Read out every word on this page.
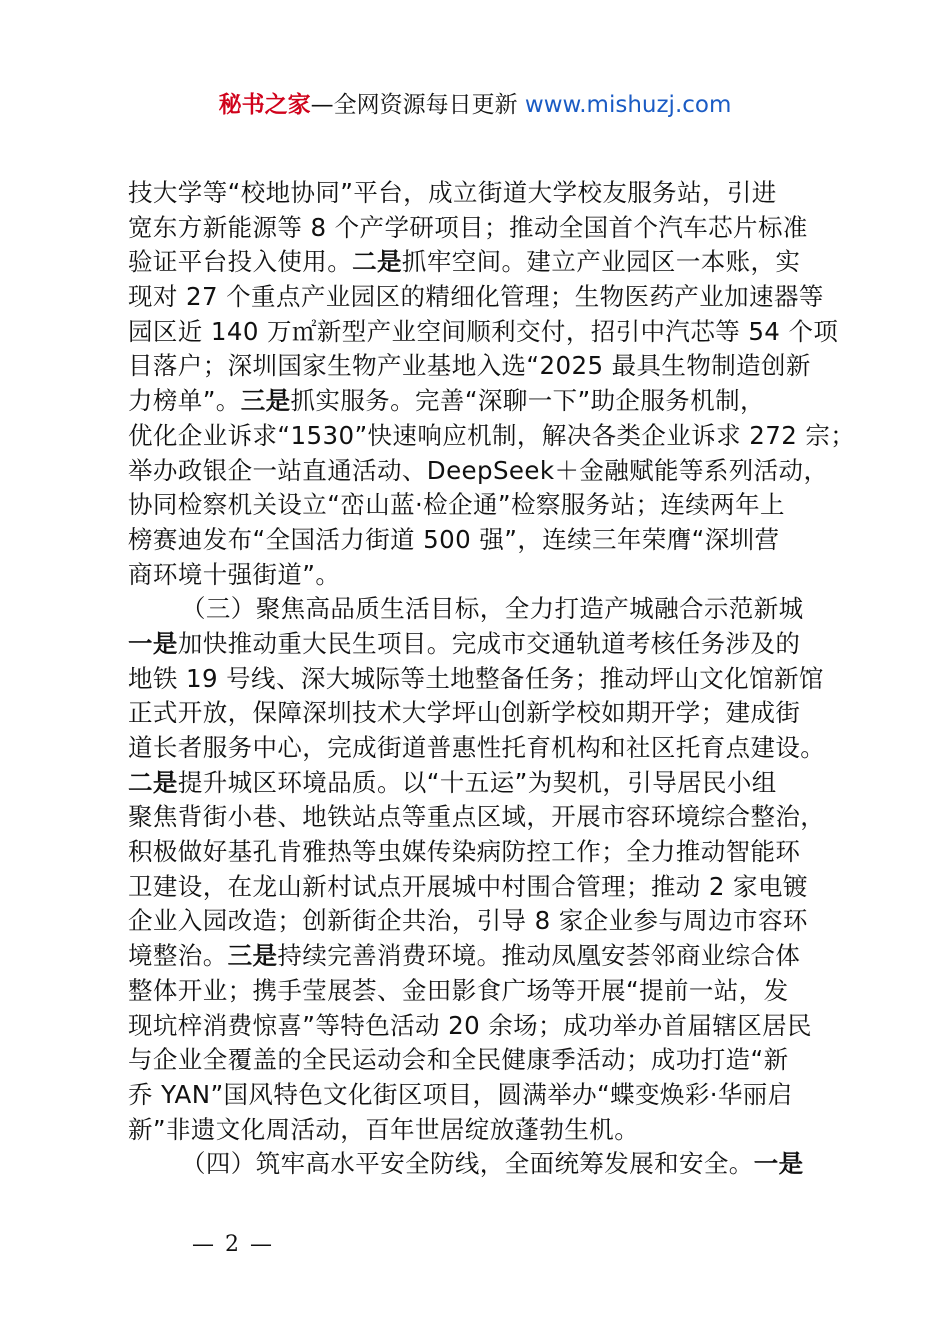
秘书之家—全网资源每日更新 www.mishuzj.com
技大学等“校地协同”平台，成立街道大学校友服务站，引进
宽东方新能源等 8 个产学研项目；推动全国首个汽车芯片标准
验证平台投入使用。二是抓牢空间。建立产业园区一本账，实
现对 27 个重点产业园区的精细化管理；生物医药产业加速器等
园区近 140 万㎡新型产业空间顺利交付，招引中汽芯等 54 个项
目落户；深圳国家生物产业基地入选“2025 最具生物制造创新
力榜单”。三是抓实服务。完善“深聊一下”助企服务机制，
优化企业诉求“1530”快速响应机制，解决各类企业诉求 272 宗；
举办政银企一站直通活动、DeepSeek＋金融赋能等系列活动，
协同检察机关设立“峦山蓝·检企通”检察服务站；连续两年上
榜赛迪发布“全国活力街道 500 强”，连续三年荣膺“深圳营
商环境十强街道”。
（三）聚焦高品质生活目标，全力打造产城融合示范新城
一是加快推动重大民生项目。完成市交通轨道考核任务涉及的
地铁 19 号线、深大城际等土地整备任务；推动坪山文化馆新馆
正式开放，保障深圳技术大学坪山创新学校如期开学；建成街
道长者服务中心，完成街道普惠性托育机构和社区托育点建设。
二是提升城区环境品质。以“十五运”为契机，引导居民小组
聚焦背街小巷、地铁站点等重点区域，开展市容环境综合整治，
积极做好基孔肯雅热等虫媒传染病防控工作；全力推动智能环
卫建设，在龙山新村试点开展城中村围合管理；推动 2 家电镀
企业入园改造；创新街企共治，引导 8 家企业参与周边市容环
境整治。三是持续完善消费环境。推动凤凰安荟邻商业综合体
整体开业；携手莹展荟、金田影食广场等开展“提前一站，发
现坑梓消费惊喜”等特色活动 20 余场；成功举办首届辖区居民
与企业全覆盖的全民运动会和全民健康季活动；成功打造“新
乔 YAN”国风特色文化街区项目，圆满举办“蝶变焕彩·华丽启
新”非遗文化周活动，百年世居绽放蓬勃生机。
（四）筑牢高水平安全防线，全面统筹发展和安全。一是
— 2 —
